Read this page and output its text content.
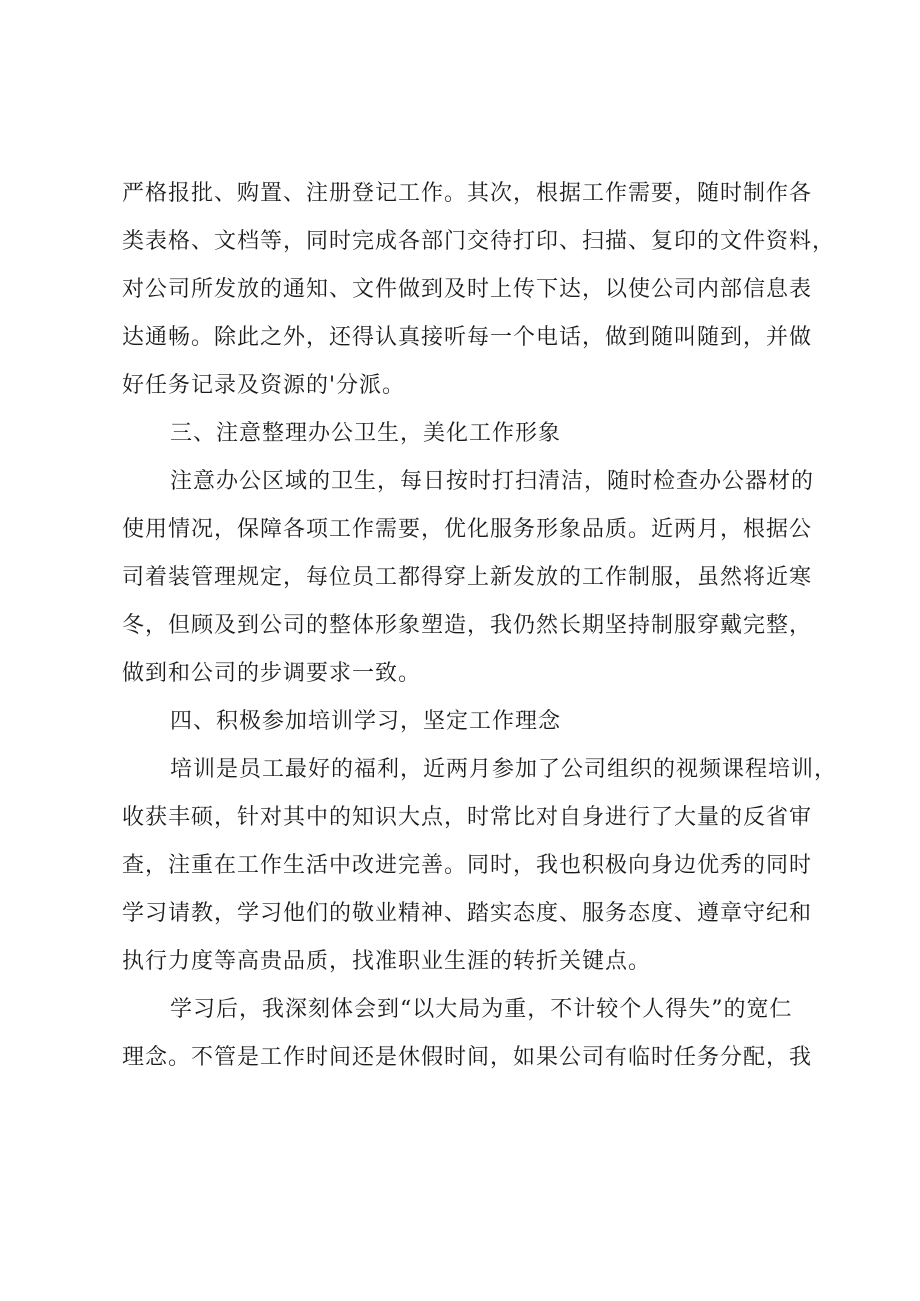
严格报批、购置、注册登记工作。其次，根据工作需要，随时制作各
类表格、文档等，同时完成各部门交待打印、扫描、复印的文件资料，
对公司所发放的通知、文件做到及时上传下达，以使公司内部信息表
达通畅。除此之外，还得认真接听每一个电话，做到随叫随到，并做
好任务记录及资源的'分派。
三、注意整理办公卫生，美化工作形象
注意办公区域的卫生，每日按时打扫清洁，随时检查办公器材的
使用情况，保障各项工作需要，优化服务形象品质。近两月，根据公
司着装管理规定，每位员工都得穿上新发放的工作制服，虽然将近寒
冬，但顾及到公司的整体形象塑造，我仍然长期坚持制服穿戴完整，
做到和公司的步调要求一致。
四、积极参加培训学习，坚定工作理念
培训是员工最好的福利，近两月参加了公司组织的视频课程培训，
收获丰硕，针对其中的知识大点，时常比对自身进行了大量的反省审
查，注重在工作生活中改进完善。同时，我也积极向身边优秀的同时
学习请教，学习他们的敬业精神、踏实态度、服务态度、遵章守纪和
执行力度等高贵品质，找准职业生涯的转折关键点。
学习后，我深刻体会到“以大局为重，不计较个人得失”的宽仁
理念。不管是工作时间还是休假时间，如果公司有临时任务分配，我
